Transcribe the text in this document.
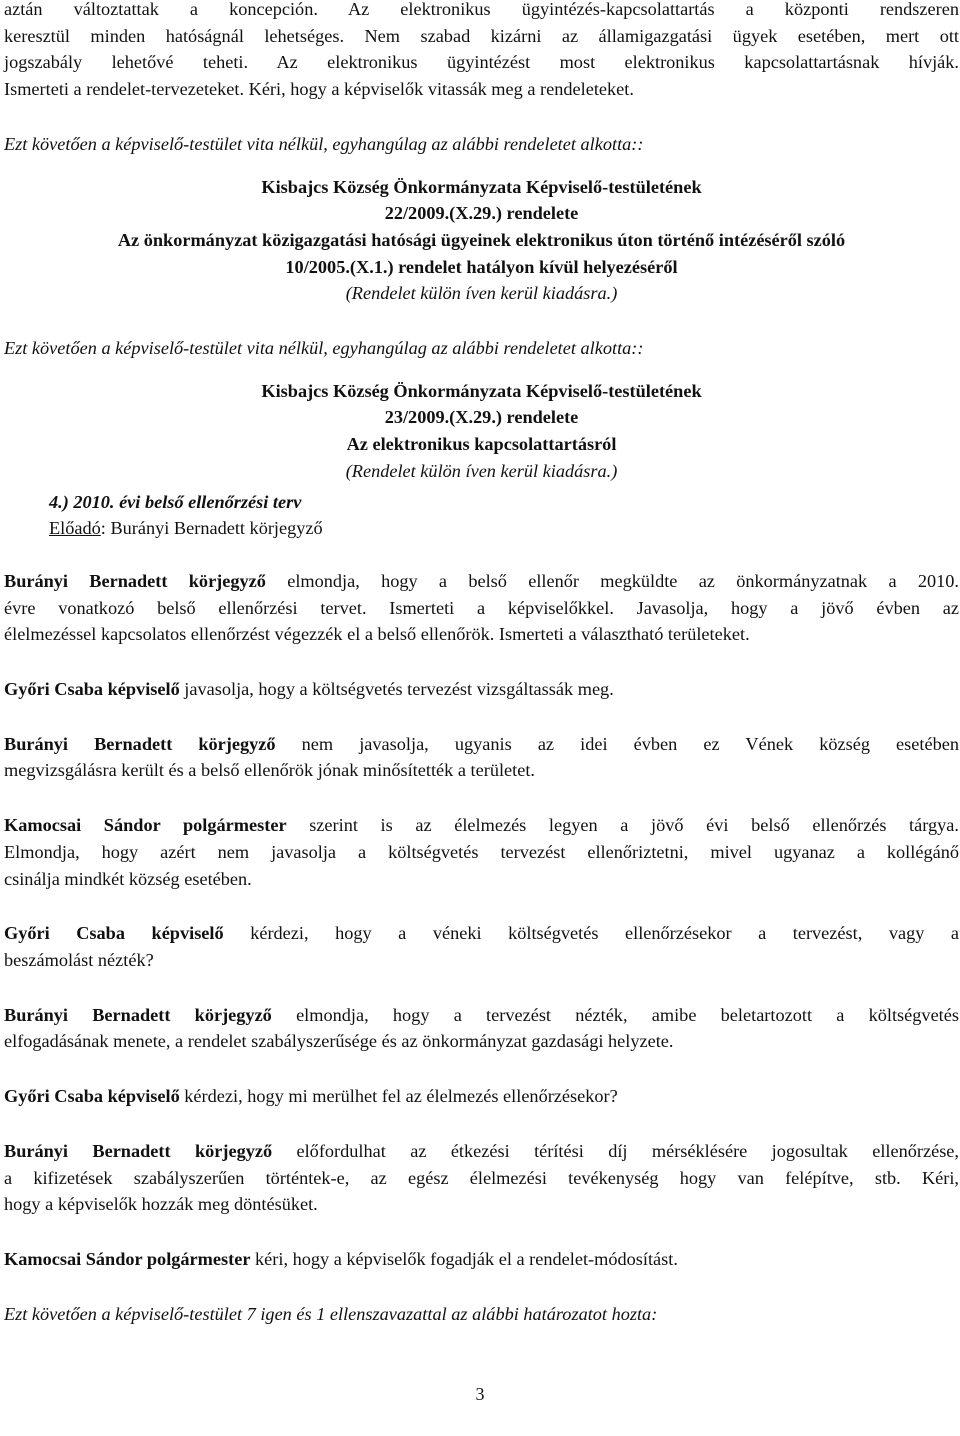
aztán változtattak a koncepción. Az elektronikus ügyintézés-kapcsolattartás a központi rendszeren
keresztül minden hatóságnál lehetséges. Nem szabad kizárni az államigazgatási ügyek esetében, mert ott
jogszabály lehetővé teheti. Az elektronikus ügyintézést most elektronikus kapcsolattartásnak hívják.
Ismerteti a rendelet-tervezeteket. Kéri, hogy a képviselők vitassák meg a rendeleteket.

Ezt követően a képviselő-testület vita nélkül, egyhangúlag az alábbi rendeletet alkotta::

Kisbajcs Község Önkormányzata Képviselő-testületének
22/2009.(X.29.) rendelete
Az önkormányzat közigazgatási hatósági ügyeinek elektronikus úton történő intézéséről szóló
10/2005.(X.1.) rendelet hatályon kívül helyezéséről
(Rendelet külön íven kerül kiadásra.)

Ezt követően a képviselő-testület vita nélkül, egyhangúlag az alábbi rendeletet alkotta::

Kisbajcs Község Önkormányzata Képviselő-testületének
23/2009.(X.29.) rendelete
Az elektronikus kapcsolattartásról
(Rendelet külön íven kerül kiadásra.)
4.) 2010. évi belső ellenőrzési terv
Előadó: Burányi Bernadett körjegyző
Burányi Bernadett körjegyző elmondja, hogy a belső ellenőr megküldte az önkormányzatnak a 2010.
évre vonatkozó belső ellenőrzési tervet. Ismerteti a képviselőkkel. Javasolja, hogy a jövő évben az
élelmezéssel kapcsolatos ellenőrzést végezzék el a belső ellenőrök. Ismerteti a választható területeket.
Győri Csaba képviselő javasolja, hogy a költségvetés tervezést vizsgáltassák meg.
Burányi Bernadett körjegyző nem javasolja, ugyanis az idei évben ez Vének község esetében
megvizsgálásra került és a belső ellenőrök jónak minősítették a területet.
Kamocsai Sándor polgármester szerint is az élelmezés legyen a jövő évi belső ellenőrzés tárgya.
Elmondja, hogy azért nem javasolja a költségvetés tervezést ellenőriztetni, mivel ugyanaz a kollégánő
csinálja mindkét község esetében.
Győri Csaba képviselő kérdezi, hogy a véneki költségvetés ellenőrzésekor a tervezést, vagy a
beszámolást nézték?
Burányi Bernadett körjegyző elmondja, hogy a tervezést nézték, amibe beletartozott a költségvetés
elfogadásának menete, a rendelet szabályszerűsége és az önkormányzat gazdasági helyzete.
Győri Csaba képviselő kérdezi, hogy mi merülhet fel az élelmezés ellenőrzésekor?
Burányi Bernadett körjegyző előfordulhat az étkezési térítési díj mérséklésére jogosultak ellenőrzése,
a kifizetések szabályszerűen történtek-e, az egész élelmezési tevékenység hogy van felépítve, stb. Kéri,
hogy a képviselők hozzák meg döntésüket.
Kamocsai Sándor polgármester kéri, hogy a képviselők fogadják el a rendelet-módosítást.

Ezt követően a képviselő-testület 7 igen és 1 ellenszavazattal az alábbi határozatot hozta:

3
